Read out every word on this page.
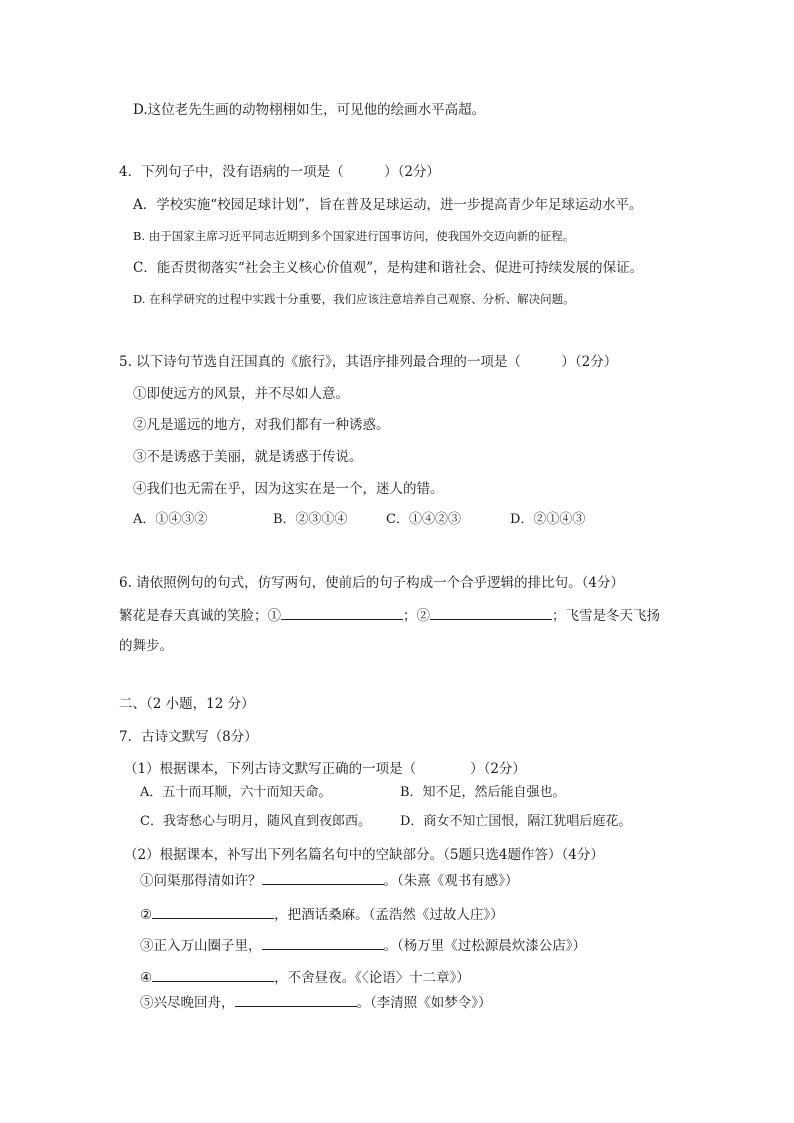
D.这位老先生画的动物栩栩如生，可见他的绘画水平高超。
4．下列句子中，没有语病的一项是（　　　）（2分）
A．学校实施“校园足球计划”，旨在普及足球运动，进一步提高青少年足球运动水平。
B. 由于国家主席习近平同志近期到多个国家进行国事访问，使我国外交迈向新的征程。
C．能否贯彻落实“社会主义核心价值观”，是构建和谐社会、促进可持续发展的保证。
D. 在科学研究的过程中实践十分重要，我们应该注意培养自己观察、分析、解决问题。
5. 以下诗句节选自汪国真的《旅行》，其语序排列最合理的一项是（　　　）（2分）
①即使远方的风景，并不尽如人意。
②凡是遥远的地方，对我们都有一种诱惑。
③不是诱惑于美丽，就是诱惑于传说。
④我们也无需在乎，因为这实在是一个，迷人的错。
A．①④③②	B．②③①④	C．①④②③	D．②①④③
6. 请依照例句的句式，仿写两句，使前后的句子构成一个合乎逻辑的排比句。（4分）
繁花是春天真诚的笑脸；①	；②	；飞雪是冬天飞扬
的舞步。
二、（2 小题，12 分）
7．古诗文默写（8分）
（1）根据课本，下列古诗文默写正确的一项是（　　　　）（2分）
A．五十而耳顺，六十而知天命。	B．知不足，然后能自强也。
C．我寄愁心与明月，随风直到夜郎西。 D．商女不知亡国恨，隔江犹唱后庭花。
（2）根据课本，补写出下列名篇名句中的空缺部分。（5题只选4题作答）（4分）
①问渠那得清如许？	。（朱熹《观书有感》）
②	，把酒话桑麻。（孟浩然《过故人庄》）
③正入万山圈子里，	。（杨万里《过松源晨炊漆公店》）
④	，不舍昼夜。《〈论语〉十二章》）
⑤兴尽晚回舟，	。（李清照《如梦令》）
